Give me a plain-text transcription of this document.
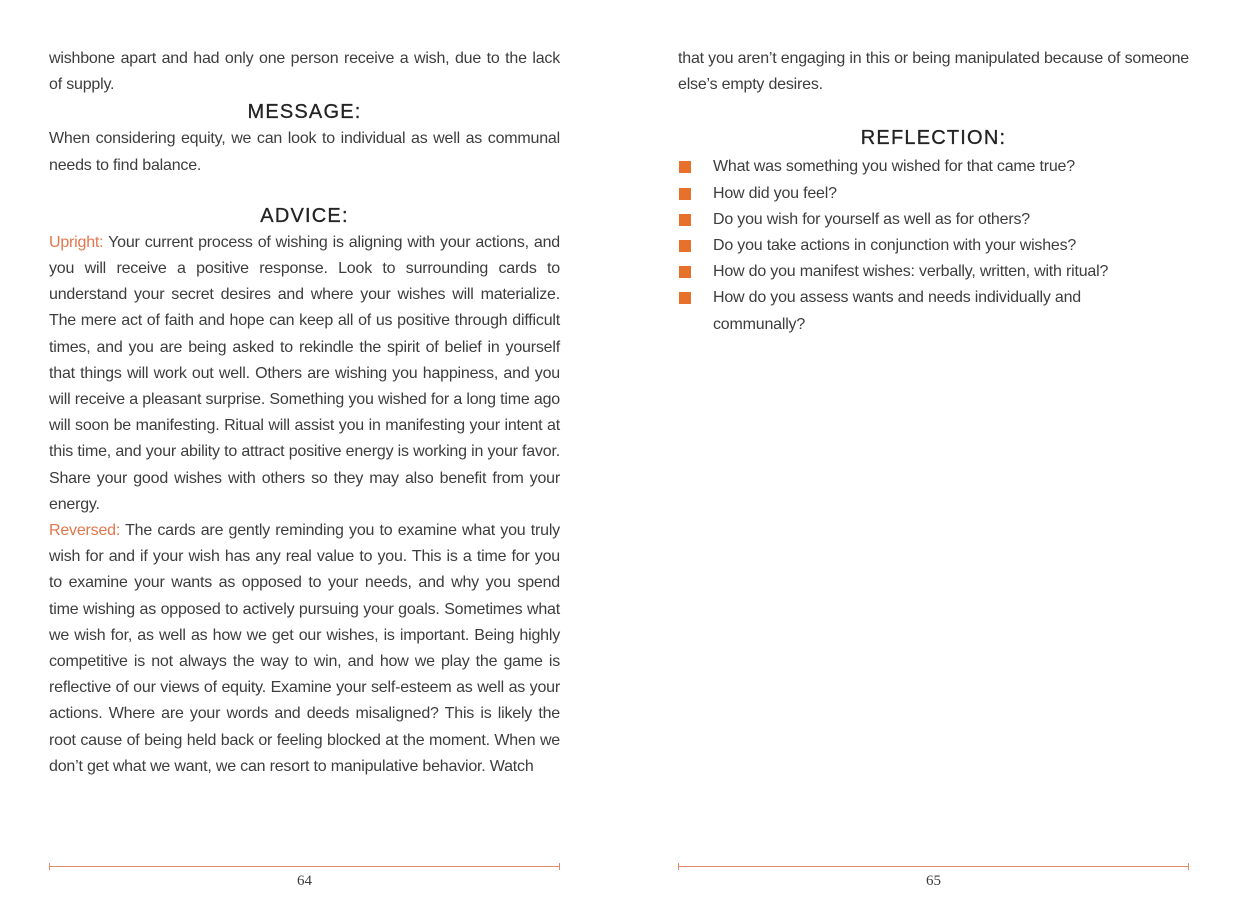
wishbone apart and had only one person receive a wish, due to the lack of supply.

MESSAGE:

When considering equity, we can look to individual as well as communal needs to find balance.

ADVICE:

Upright: Your current process of wishing is aligning with your actions, and you will receive a positive response. Look to surrounding cards to understand your secret desires and where your wishes will materialize. The mere act of faith and hope can keep all of us positive through difficult times, and you are being asked to rekindle the spirit of belief in yourself that things will work out well. Others are wishing you happiness, and you will receive a pleasant surprise. Something you wished for a long time ago will soon be manifesting. Ritual will assist you in manifesting your intent at this time, and your ability to attract positive energy is working in your favor. Share your good wishes with others so they may also benefit from your energy.

Reversed: The cards are gently reminding you to examine what you truly wish for and if your wish has any real value to you. This is a time for you to examine your wants as opposed to your needs, and why you spend time wishing as opposed to actively pursuing your goals. Sometimes what we wish for, as well as how we get our wishes, is important. Being highly competitive is not always the way to win, and how we play the game is reflective of our views of equity. Examine your self-esteem as well as your actions. Where are your words and deeds misaligned? This is likely the root cause of being held back or feeling blocked at the moment. When we don’t get what we want, we can resort to manipulative behavior. Watch

that you aren’t engaging in this or being manipulated because of someone else’s empty desires.

REFLECTION:
What was something you wished for that came true?
How did you feel?
Do you wish for yourself as well as for others?
Do you take actions in conjunction with your wishes?
How do you manifest wishes: verbally, written, with ritual?
How do you assess wants and needs individually and
communally?
64	65
